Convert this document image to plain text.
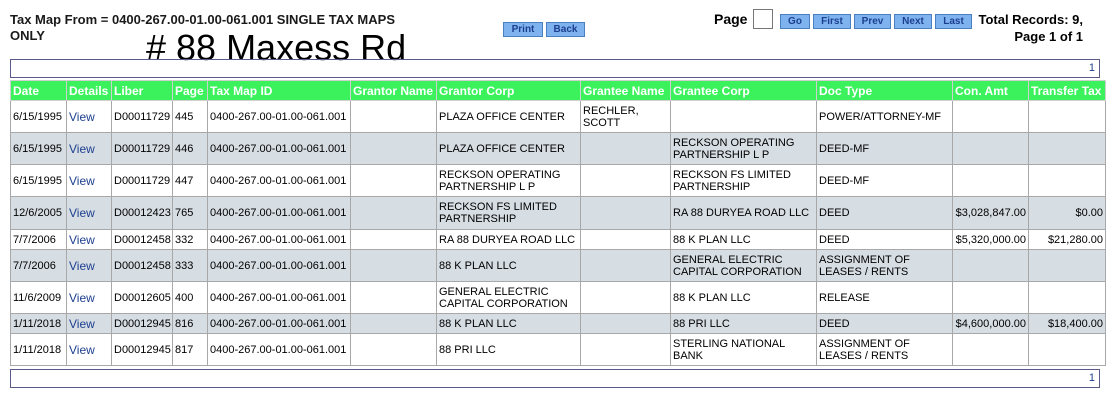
Tax Map From = 0400-267.00-01.00-061.001 SINGLE TAX MAPS ONLY	# 88 Maxess Rd	Print	Back
Page	Go	First	Prev	Next	Last	Total Records: 9,
Page 1 of 1
1
Date	Details	Liber	Page	Tax Map ID	Grantor Name	Grantor Corp	Grantee Name	Grantee Corp	Doc Type	Con. Amt	Transfer Tax
6/15/1995	View	D00011729	445	0400-267.00-01.00-061.001		PLAZA OFFICE CENTER	RECHLER, SCOTT		POWER/ATTORNEY-MF		
6/15/1995	View	D00011729	446	0400-267.00-01.00-061.001		PLAZA OFFICE CENTER		RECKSON OPERATING PARTNERSHIP L P	DEED-MF		
6/15/1995	View	D00011729	447	0400-267.00-01.00-061.001		RECKSON OPERATING PARTNERSHIP L P		RECKSON FS LIMITED PARTNERSHIP	DEED-MF		
12/6/2005	View	D00012423	765	0400-267.00-01.00-061.001		RECKSON FS LIMITED PARTNERSHIP		RA 88 DURYEA ROAD LLC	DEED	$3,028,847.00	$0.00
7/7/2006	View	D00012458	332	0400-267.00-01.00-061.001		RA 88 DURYEA ROAD LLC		88 K PLAN LLC	DEED	$5,320,000.00	$21,280.00
7/7/2006	View	D00012458	333	0400-267.00-01.00-061.001		88 K PLAN LLC		GENERAL ELECTRIC CAPITAL CORPORATION	ASSIGNMENT OF LEASES / RENTS		
11/6/2009	View	D00012605	400	0400-267.00-01.00-061.001		GENERAL ELECTRIC CAPITAL CORPORATION		88 K PLAN LLC	RELEASE		
1/11/2018	View	D00012945	816	0400-267.00-01.00-061.001		88 K PLAN LLC		88 PRI LLC	DEED	$4,600,000.00	$18,400.00
1/11/2018	View	D00012945	817	0400-267.00-01.00-061.001		88 PRI LLC		STERLING NATIONAL BANK	ASSIGNMENT OF LEASES / RENTS		
1
